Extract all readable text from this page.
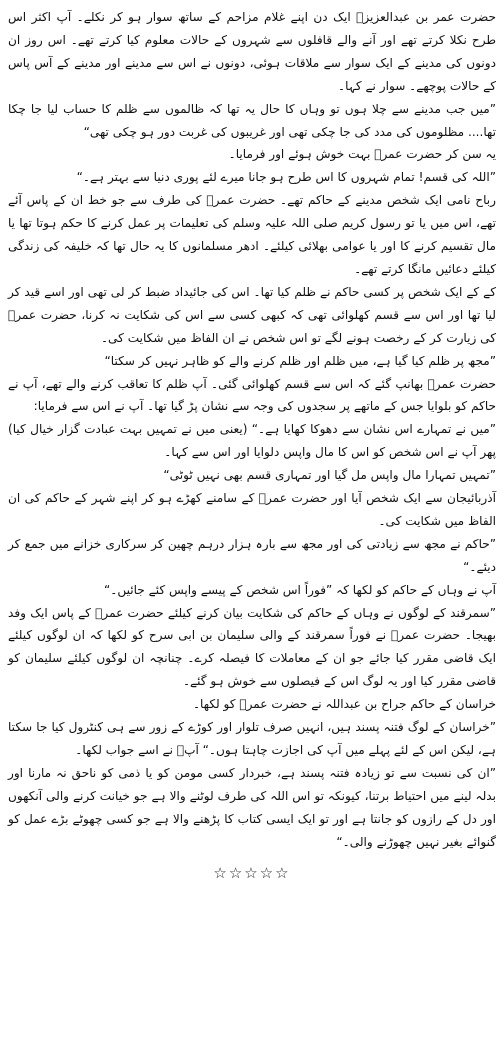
حضرت عمر بن عبدالعزیزؒ ایک دن اپنے غلام مزاحم کے ساتھ سوار ہو کر نکلے۔ آپ اکثر اس طرح نکلا کرتے تھے اور آنے والے قافلوں سے شہروں کے حالات معلوم کیا کرتے تھے۔ اس روز ان دونوں کی مدینے کے ایک سوار سے ملاقات ہوئی، دونوں نے اس سے مدینے اور مدینے کے آس پاس کے حالات پوچھے۔ سوار نے کہا۔

”میں جب مدینے سے چلا ہوں تو وہاں کا حال یہ تھا کہ ظالموں سے ظلم کا حساب لیا جا چکا تھا.... مظلوموں کی مدد کی جا چکی تھی اور غریبوں کی غربت دور ہو چکی تھی“

یہ سن کر حضرت عمرؒ بہت خوش ہوئے اور فرمایا۔

”اللہ کی قسم! تمام شہروں کا اس طرح ہو جانا میرے لئے پوری دنیا سے بہتر ہے۔“

رباح نامی ایک شخص مدینے کے حاکم تھے۔ حضرت عمرؒ کی طرف سے جو خط ان کے پاس آئے تھے، اس میں یا تو رسول کریم صلی اللہ علیہ وسلم کی تعلیمات پر عمل کرنے کا حکم ہوتا تھا یا مال تقسیم کرنے کا اور یا عوامی بھلائی کیلئے۔ ادھر مسلمانوں کا یہ حال تھا کہ خلیفہ کی زندگی کیلئے دعائیں مانگا کرتے تھے۔

کے کے ایک شخص پر کسی حاکم نے ظلم کیا تھا۔ اس کی جائیداد ضبط کر لی تھی اور اسے قید کر لیا تھا اور اس سے قسم کھلوائی تھی کہ کبھی کسی سے اس کی شکایت نہ کرنا، حضرت عمرؒ کی زیارت کر کے رخصت ہونے لگے تو اس شخص نے ان الفاظ میں شکایت کی۔

”مجھ پر ظلم کیا گیا ہے، میں ظلم اور ظلم کرنے والے کو ظاہر نہیں کر سکتا“

حضرت عمرؒ بھانپ گئے کہ اس سے قسم کھلوائی گئی۔ آپ ظلم کا تعاقب کرنے والے تھے، آپ نے حاکم کو بلوایا جس کے ماتھے پر سجدوں کی وجہ سے نشان پڑ گیا تھا۔ آپ نے اس سے فرمایا:

”میں نے تمہارے اس نشان سے دھوکا کھایا ہے۔“ (یعنی میں نے تمہیں بہت عبادت گزار خیال کیا) پھر آپ نے اس شخص کو اس کا مال واپس دلوایا اور اس سے کہا۔

”تمہیں تمہارا مال واپس مل گیا اور تمہاری قسم بھی نہیں ٹوٹی“

آذربائیجان سے ایک شخص آیا اور حضرت عمرؒ کے سامنے کھڑے ہو کر اپنے شہر کے حاکم کی ان الفاظ میں شکایت کی۔

”حاکم نے مجھ سے زیادتی کی اور مجھ سے بارہ ہزار درہم چھین کر سرکاری خزانے میں جمع کر دیئے۔“

آپ نے وہاں کے حاکم کو لکھا کہ ”فوراً اس شخص کے پیسے واپس کئے جائیں۔“

”سمرقند کے لوگوں نے وہاں کے حاکم کی شکایت بیان کرنے کیلئے حضرت عمرؒ کے پاس ایک وفد بھیجا۔ حضرت عمرؒ نے فوراً سمرقند کے والی سلیمان بن ابی سرح کو لکھا کہ ان لوگوں کیلئے ایک قاضی مقرر کیا جائے جو ان کے معاملات کا فیصلہ کرے۔ چنانچہ ان لوگوں کیلئے سلیمان کو قاضی مقرر کیا اور یہ لوگ اس کے فیصلوں سے خوش ہو گئے۔

خراسان کے حاکم جراح بن عبداللہ نے حضرت عمرؒ کو لکھا۔

”خراسان کے لوگ فتنہ پسند ہیں، انہیں صرف تلوار اور کوڑے کے زور سے ہی کنٹرول کیا جا سکتا ہے، لیکن اس کے لئے پہلے میں آپ کی اجازت چاہتا ہوں۔“ آپؒ نے اسے جواب لکھا۔

”ان کی نسبت سے تو زیادہ فتنہ پسند ہے، خبردار کسی مومن کو یا ذمی کو ناحق نہ مارنا اور بدلہ لینے میں احتیاط برتنا، کیونکہ تو اس اللہ کی طرف لوٹنے والا ہے جو خیانت کرنے والی آنکھوں اور دل کے رازوں کو جانتا ہے اور تو ایک ایسی کتاب کا پڑھنے والا ہے جو کسی چھوٹے بڑے عمل کو گنوائے بغیر نہیں چھوڑنے والی۔“

☆☆☆☆☆
